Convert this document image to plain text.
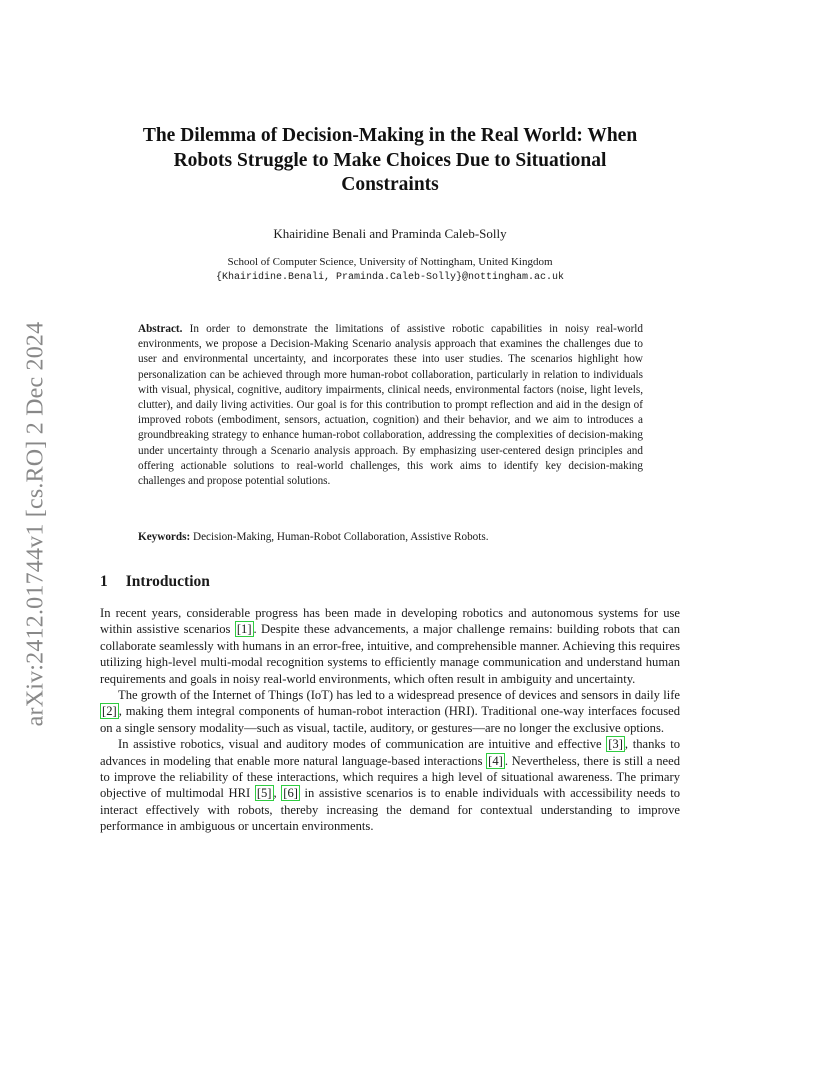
arXiv:2412.01744v1 [cs.RO] 2 Dec 2024
The Dilemma of Decision-Making in the Real World: When
Robots Struggle to Make Choices Due to Situational
Constraints
Khairidine Benali and Praminda Caleb-Solly
School of Computer Science, University of Nottingham, United Kingdom
{Khairidine.Benali, Praminda.Caleb-Solly}@nottingham.ac.uk

Abstract. In order to demonstrate the limitations of assistive robotic capabilities in noisy real-world environments, we propose a Decision-Making Scenario analysis approach that examines the challenges due to user and environmental uncertainty, and incorporates these into user studies. The scenarios highlight how personalization can be achieved through more human-robot collaboration, particularly in relation to individuals with visual, physical, cognitive, auditory impairments, clinical needs, environmental factors (noise, light levels, clutter), and daily living activities. Our goal is for this contribution to prompt reflection and aid in the design of improved robots (embodiment, sensors, actuation, cognition) and their behavior, and we aim to introduces a groundbreaking strategy to enhance human-robot collaboration, addressing the complexities of decision-making under uncertainty through a Scenario analysis approach. By emphasizing user-centered design principles and offering actionable solutions to real-world challenges, this work aims to identify key decision-making challenges and propose potential solutions.

Keywords: Decision-Making, Human-Robot Collaboration, Assistive Robots.

1 Introduction

In recent years, considerable progress has been made in developing robotics and autonomous systems for use within assistive scenarios [1] . Despite these advancements, a major challenge remains: building robots that can collaborate seamlessly with humans in an error-free, intuitive, and comprehensible manner. Achieving this requires utilizing high-level multi-modal recognition systems to efficiently manage communication and understand human requirements and goals in noisy real-world environments, which often result in ambiguity and uncertainty.

The growth of the Internet of Things (IoT) has led to a widespread presence of devices and sensors in daily life [2] , making them integral components of human-robot interaction (HRI). Traditional one-way interfaces focused on a single sensory modality—such as visual, tactile, auditory, or gestures—are no longer the exclusive options.

In assistive robotics, visual and auditory modes of communication are intuitive and effective [3] , thanks to advances in modeling that enable more natural language-based interactions [4] . Nevertheless, there is still a need to improve the reliability of these interactions, which requires a high level of situational awareness. The primary objective of multimodal HRI [5] , [6] in assistive scenarios is to enable individuals with accessibility needs to interact effectively with robots, thereby increasing the demand for contextual understanding to improve performance in ambiguous or uncertain environments.
